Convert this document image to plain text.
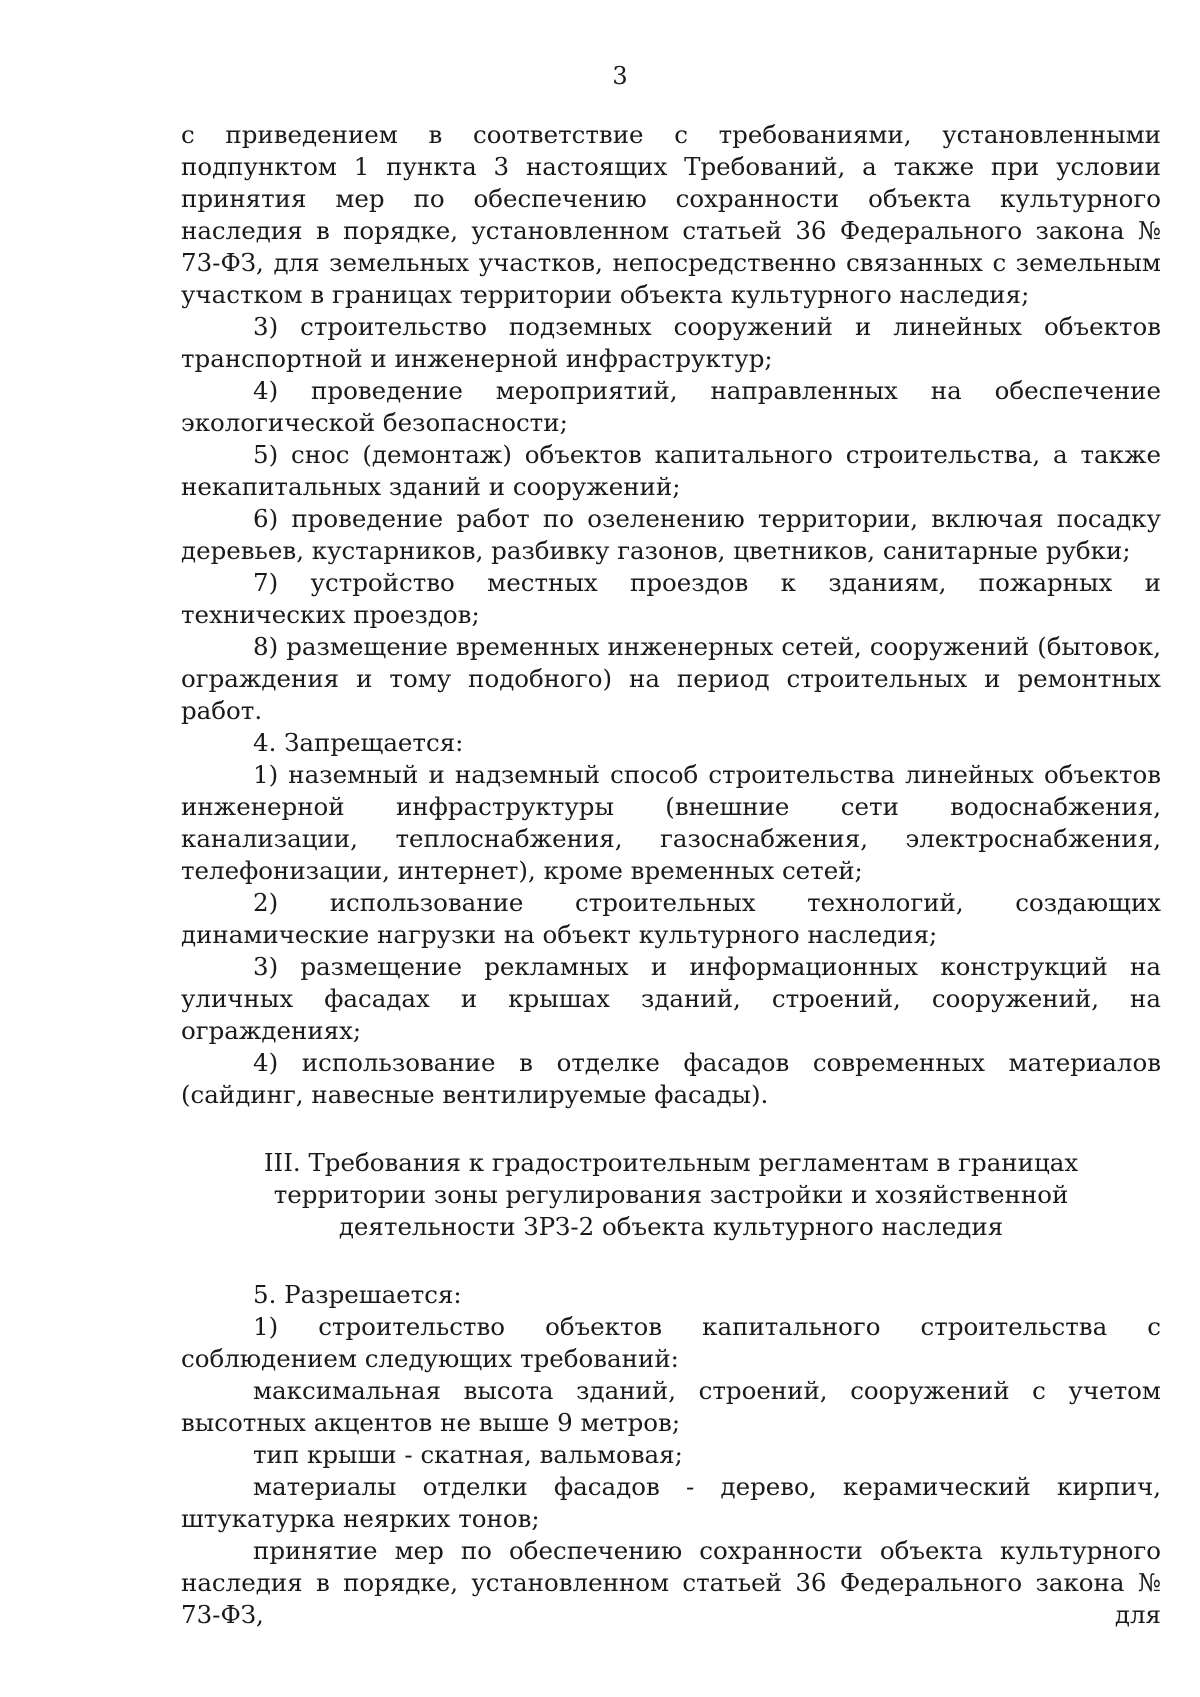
3

с приведением в соответствие с требованиями, установленными подпунктом 1 пункта 3 настоящих Требований, а также при условии принятия мер по обеспечению сохранности объекта культурного наследия в порядке, установленном статьей 36 Федерального закона № 73-ФЗ, для земельных участков, непосредственно связанных с земельным участком в границах территории объекта культурного наследия;

3) строительство подземных сооружений и линейных объектов транспортной и инженерной инфраструктур;

4) проведение мероприятий, направленных на обеспечение экологической безопасности;

5) снос (демонтаж) объектов капитального строительства, а также некапитальных зданий и сооружений;

6) проведение работ по озеленению территории, включая посадку деревьев, кустарников, разбивку газонов, цветников, санитарные рубки;

7) устройство местных проездов к зданиям, пожарных и технических проездов;

8) размещение временных инженерных сетей, сооружений (бытовок, ограждения и тому подобного) на период строительных и ремонтных работ.

4. Запрещается:

1) наземный и надземный способ строительства линейных объектов инженерной инфраструктуры (внешние сети водоснабжения, канализации, теплоснабжения, газоснабжения, электроснабжения, телефонизации, интернет), кроме временных сетей;

2) использование строительных технологий, создающих динамические нагрузки на объект культурного наследия;

3) размещение рекламных и информационных конструкций на уличных фасадах и крышах зданий, строений, сооружений, на ограждениях;

4) использование в отделке фасадов современных материалов (сайдинг, навесные вентилируемые фасады).

III. Требования к градостроительным регламентам в границах
территории зоны регулирования застройки и хозяйственной
деятельности ЗРЗ-2 объекта культурного наследия

5. Разрешается:

1) строительство объектов капитального строительства с соблюдением следующих требований:

максимальная высота зданий, строений, сооружений с учетом высотных акцентов не выше 9 метров;

тип крыши - скатная, вальмовая;

материалы отделки фасадов - дерево, керамический кирпич, штукатурка неярких тонов;

принятие мер по обеспечению сохранности объекта культурного наследия в порядке, установленном статьей 36 Федерального закона № 73-ФЗ, для
